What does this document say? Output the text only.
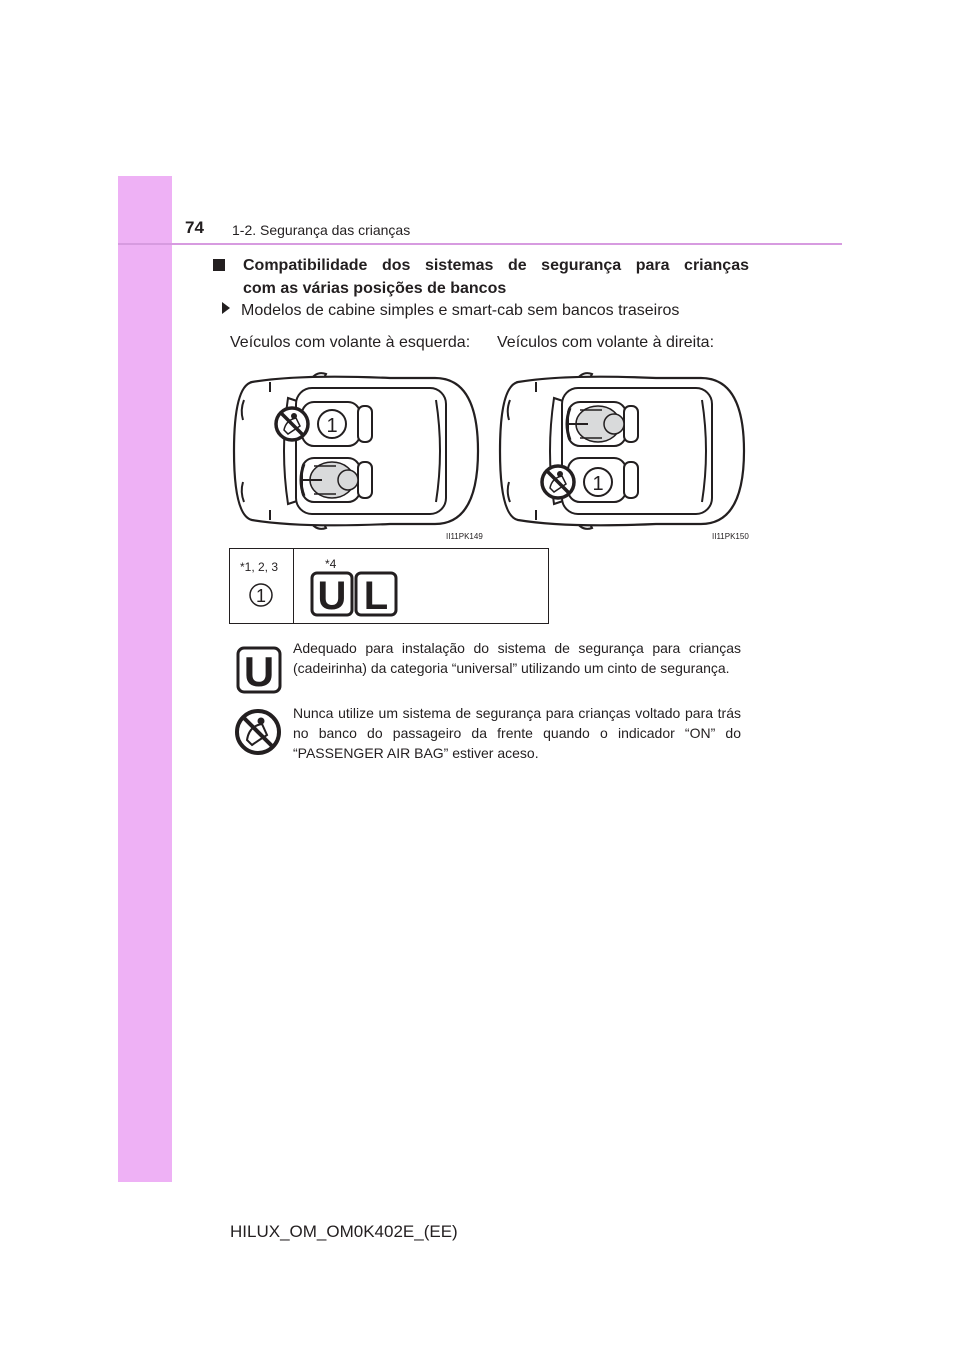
74 1-2. Segurança das crianças
Compatibilidade dos sistemas de segurança para crianças
com as várias posições de bancos
Modelos de cabine simples e smart-cab sem bancos traseiros
Veículos com volante à esquerda: Veículos com volante à direita:
1
1
II11PK149	II11PK150
*1, 2, 3	*4
1 U L
U Adequado para instalação do sistema de segurança para crianças (cadeirinha) da categoria “universal” utilizando um cinto de segurança.
Nunca utilize um sistema de segurança para crianças voltado para trás no banco do passageiro da frente quando o indicador “ON” do “PASSENGER AIR BAG” estiver aceso.
HILUX_OM_OM0K402E_(EE)
